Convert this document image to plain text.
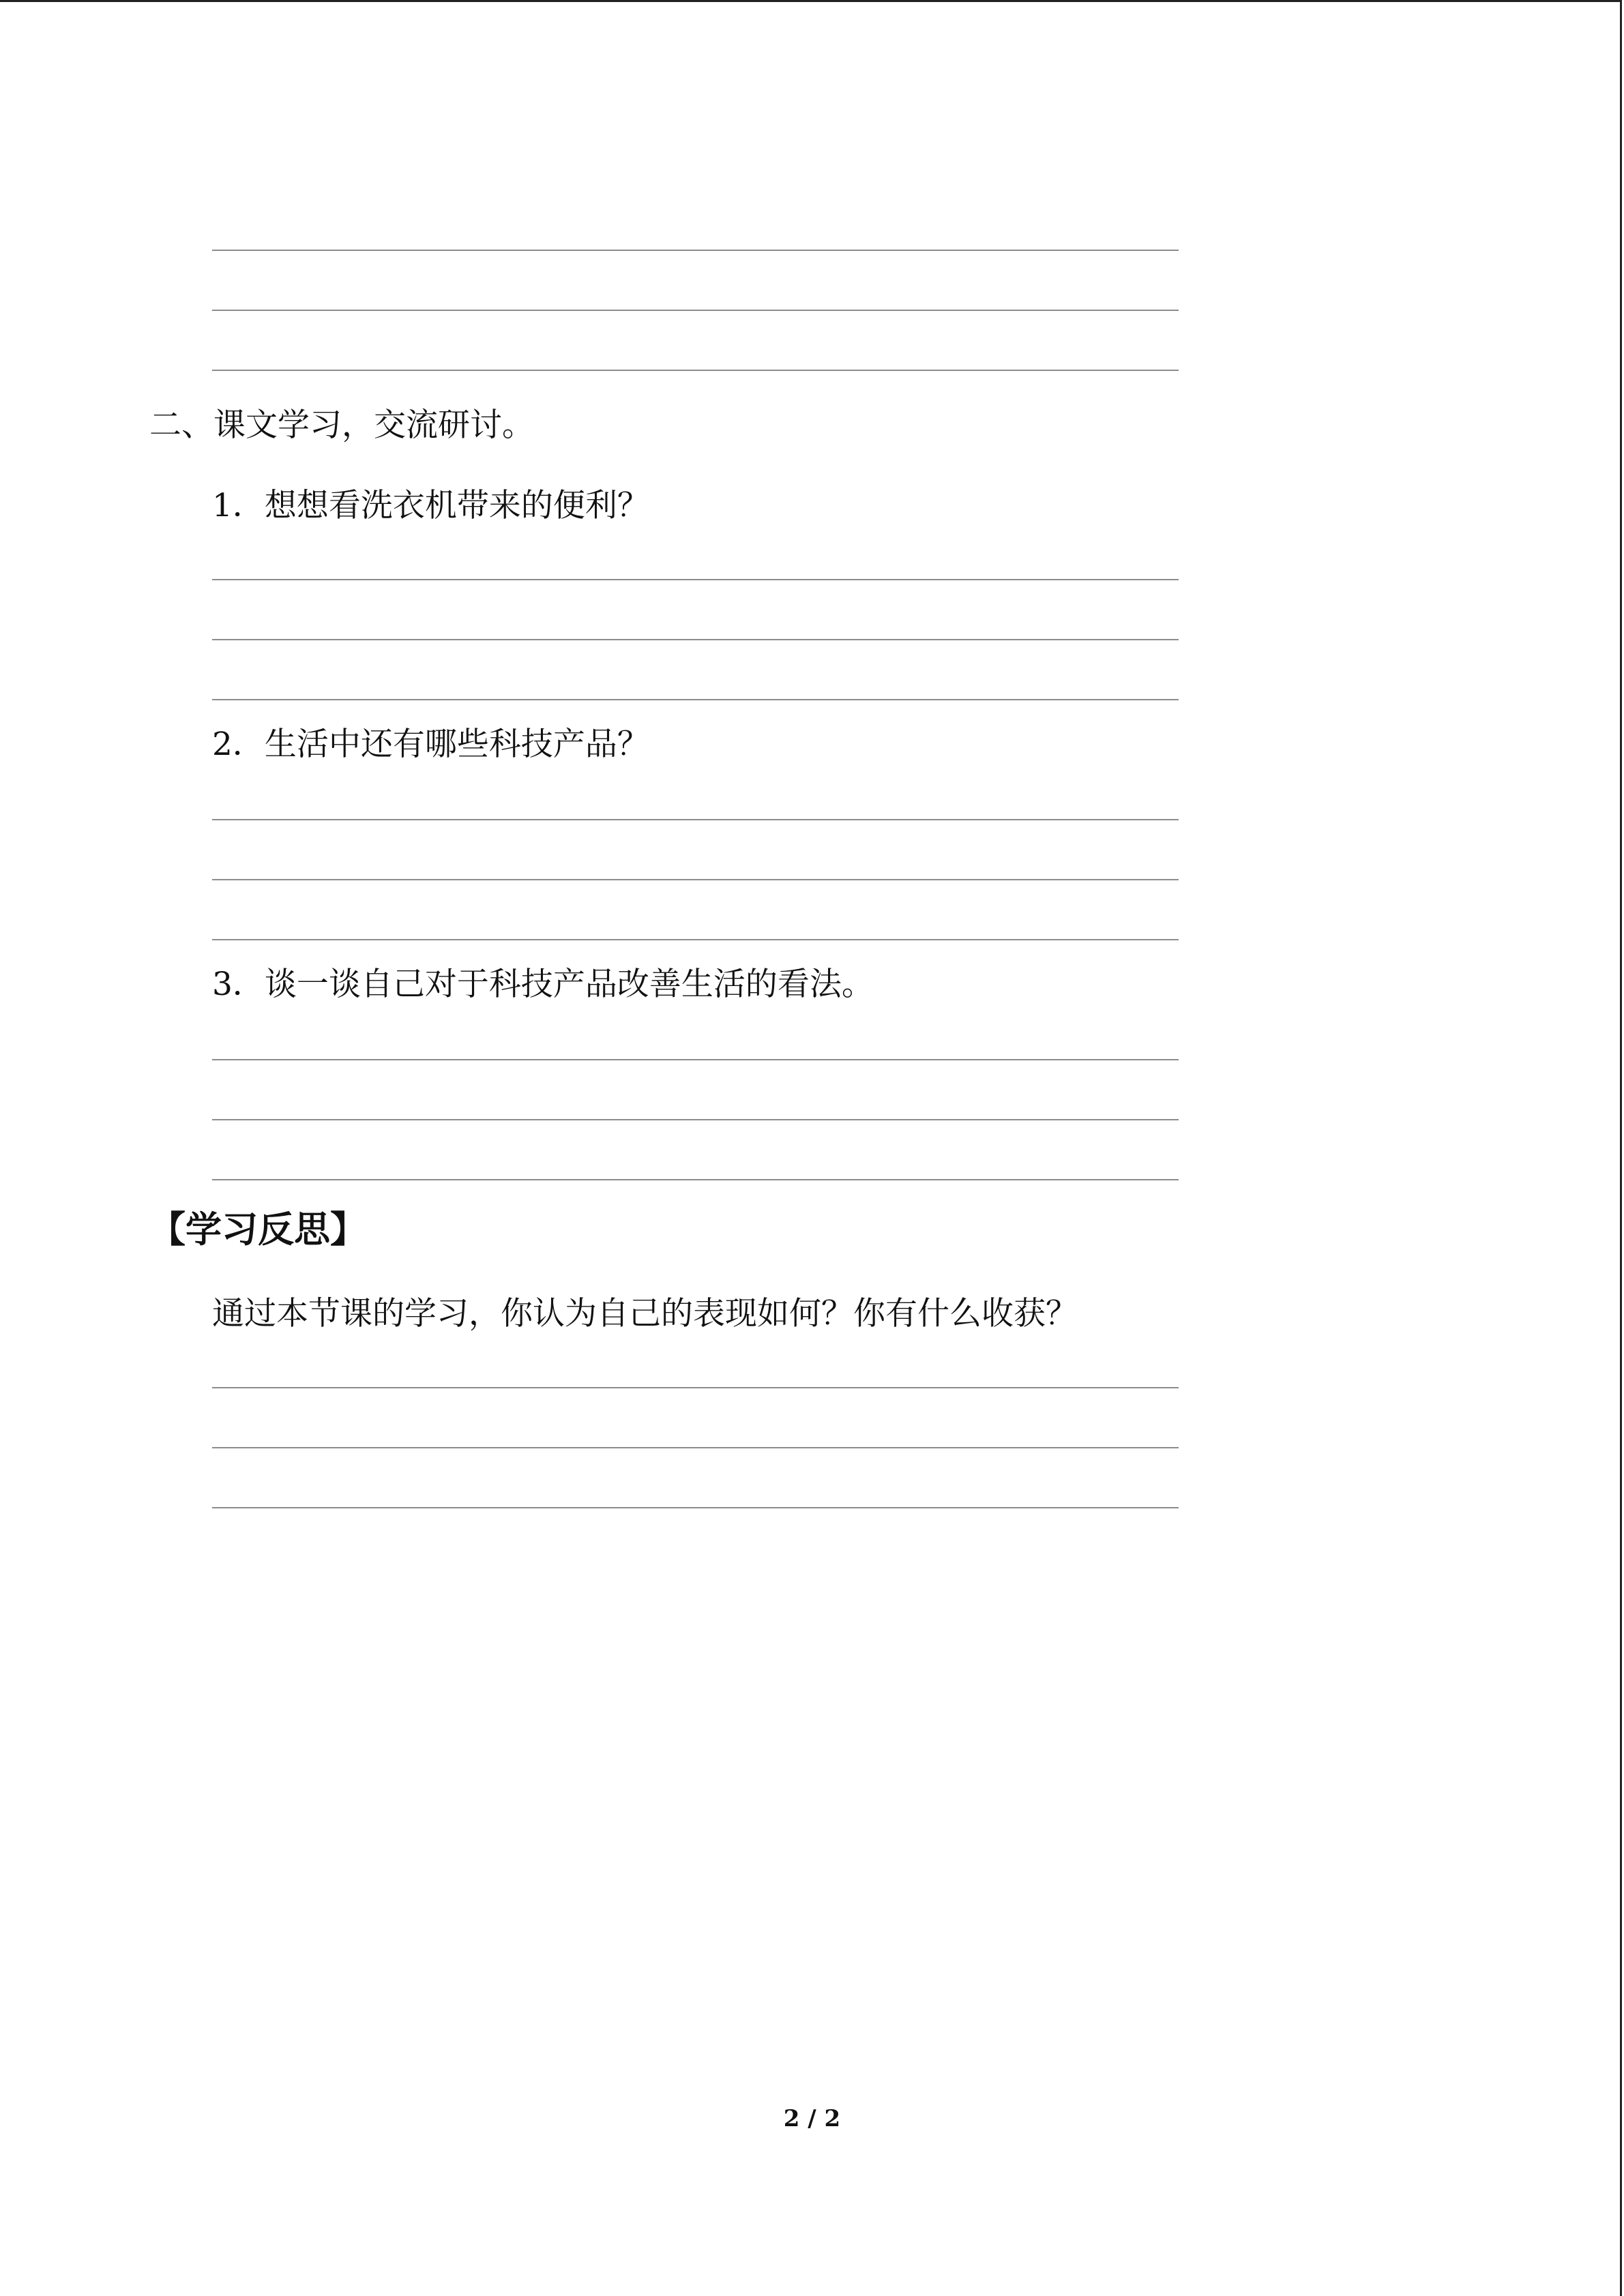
二、课文学习，交流研讨。
1．想想看洗衣机带来的便利？
2．生活中还有哪些科技产品？
3．谈一谈自己对于科技产品改善生活的看法。
【学习反思】
通过本节课的学习，你认为自己的表现如何？你有什么收获？
2 / 2
